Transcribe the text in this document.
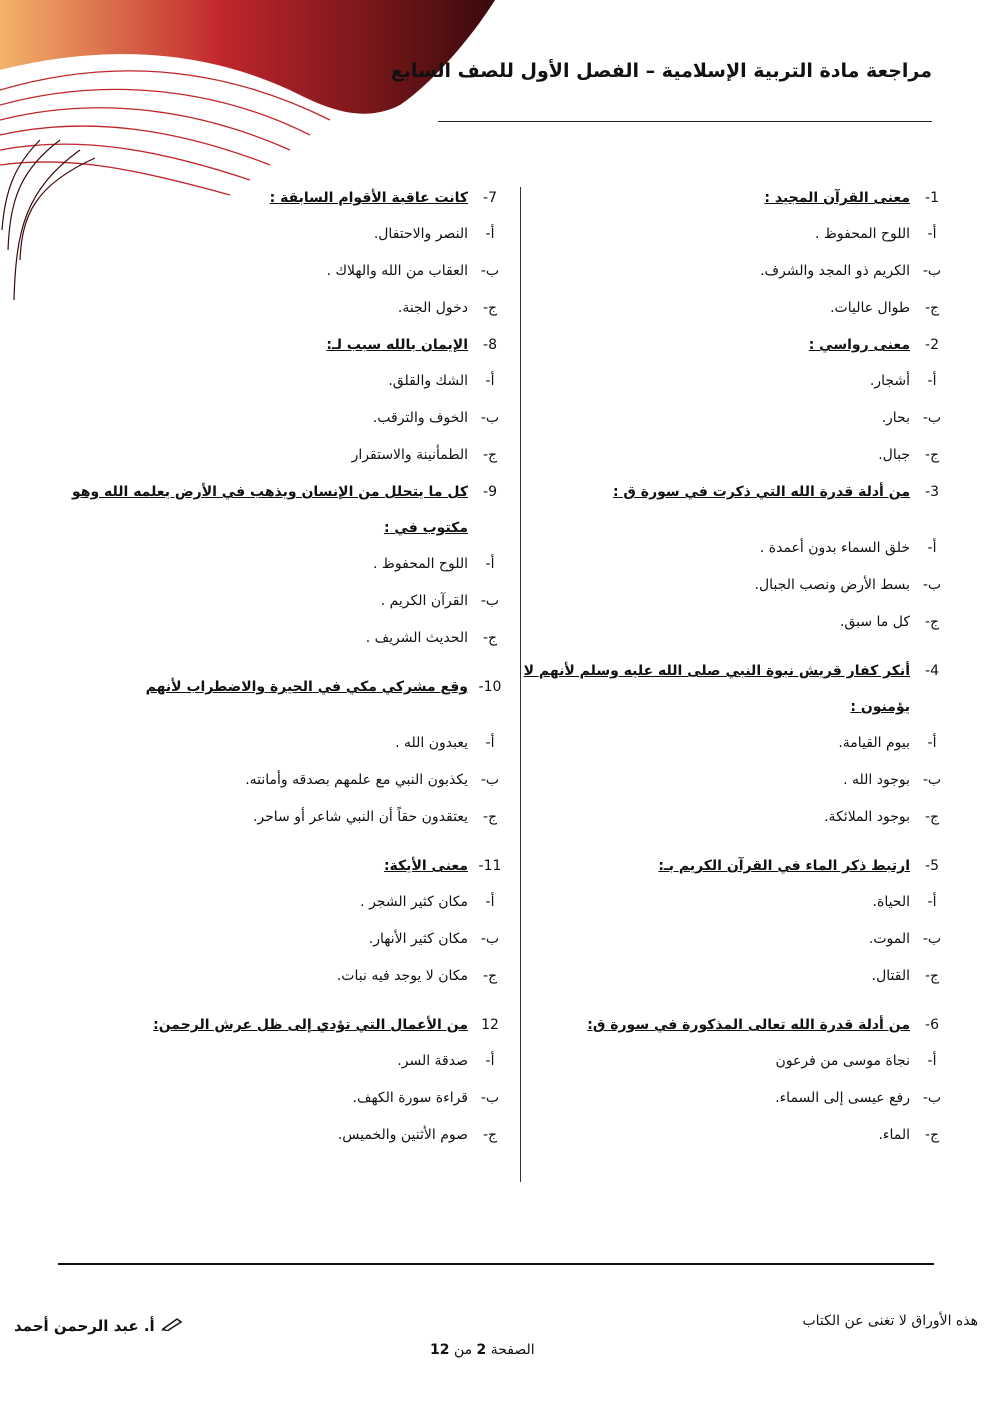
مراجعة مادة التربية الإسلامية – الفصل الأول للصف السابع
1-
معنى القرآن المجيد :
أ-
اللوح المحفوظ .
ب-
الكريم ذو المجد والشرف.
ج-
طوال عاليات.
2-
معنى رواسي :
أ-
أشجار.
ب-
بحار.
ج-
جبال.
3-
من أدلة قدرة الله التي ذكرت في سورة ق :
أ-
خلق السماء بدون أعمدة .
ب-
بسط الأرض ونصب الجبال.
ج-
كل ما سبق.
4-
أنكر كفار قريش نبوة النبي صلى الله عليه وسلم لأنهم لا يؤمنون :
أ-
بيوم القيامة.
ب-
بوجود الله .
ج-
بوجود الملائكة.
5-
ارتبط ذكر الماء في القرآن الكريم بـ:
أ-
الحياة.
ب-
الموت.
ج-
القتال.
6-
من أدلة قدرة الله تعالى المذكورة في سورة ق:
أ-
نجاة موسى من فرعون
ب-
رفع عيسى إلى السماء.
ج-
الماء.
7-
كانت عاقبة الأقوام السابقة :
أ-
النصر والاحتفال.
ب-
العقاب من الله والهلاك .
ج-
دخول الجنة.
8-
الإيمان بالله سبب لـ:
أ-
الشك والقلق.
ب-
الخوف والترقب.
ج-
الطمأنينة والاستقرار
9-
كل ما يتحلل من الإنسان ويذهب في الأرض يعلمه الله وهو مكتوب في :
أ-
اللوح المحفوظ .
ب-
القرآن الكريم .
ج-
الحديث الشريف .
10-
وقع مشركي مكي في الحيرة والاضطراب لأنهم
أ-
يعبدون الله .
ب-
يكذبون النبي مع علمهم بصدقه وأمانته.
ج-
يعتقدون حقاً أن النبي شاعر أو ساحر.
11-
معنى الأيكة:
أ-
مكان كثير الشجر .
ب-
مكان كثير الأنهار.
ج-
مكان لا يوجد فيه نبات.
12
من الأعمال التي تؤدي إلى ظل عرش الرحمن:
أ-
صدقة السر.
ب-
قراءة سورة الكهف.
ج-
صوم الأثنين والخميس.
هذه الأوراق لا تغنى عن الكتاب
أ. عبد الرحمن أحمد
الصفحة 2 من 12
